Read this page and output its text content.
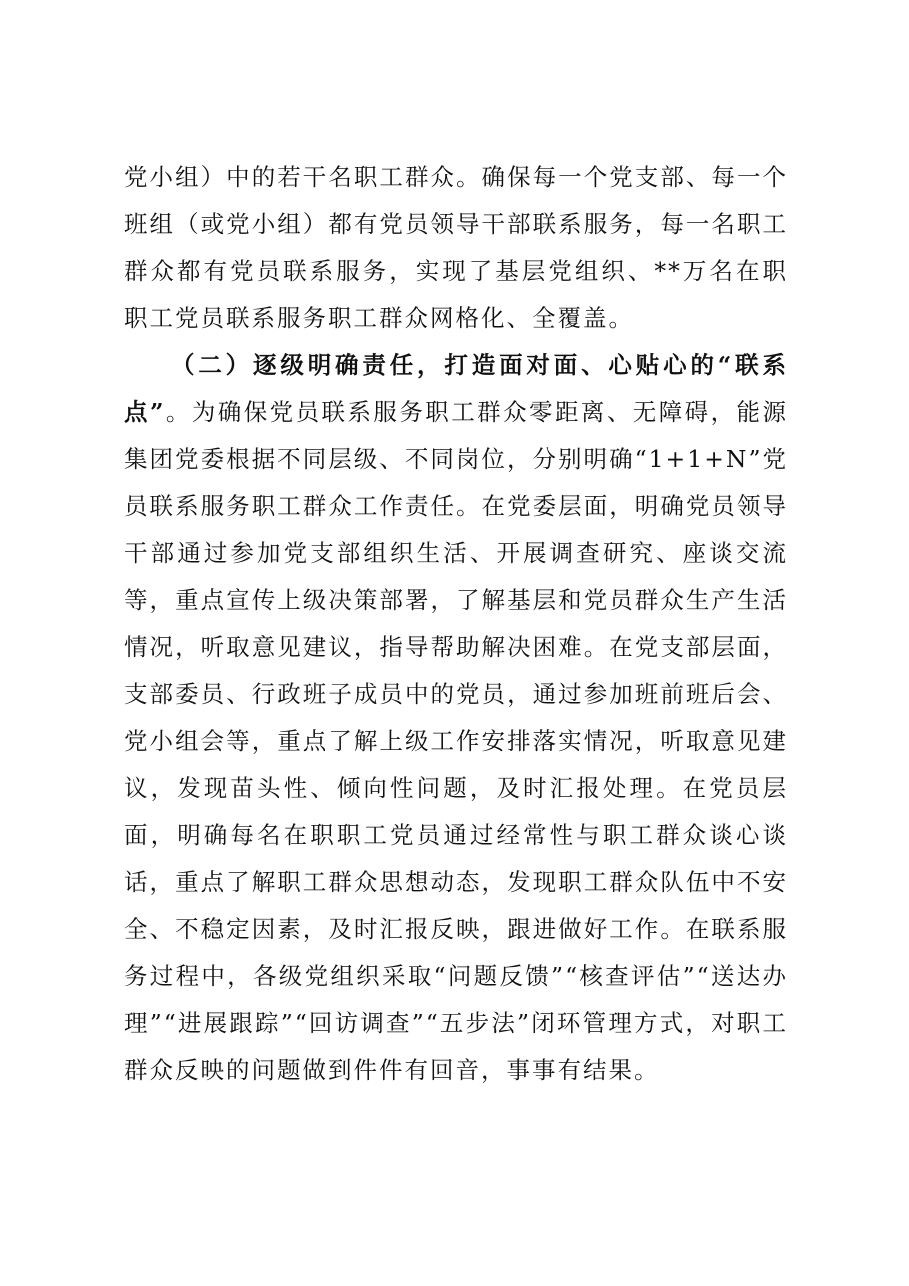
党小组）中的若干名职工群众。确保每一个党支部、每一个班组（或党小组）都有党员领导干部联系服务，每一名职工群众都有党员联系服务，实现了基层党组织、**万名在职职工党员联系服务职工群众网格化、全覆盖。

（二）逐级明确责任，打造面对面、心贴心的“联系点”。为确保党员联系服务职工群众零距离、无障碍，能源集团党委根据不同层级、不同岗位，分别明确“1+1+N”党员联系服务职工群众工作责任。在党委层面，明确党员领导干部通过参加党支部组织生活、开展调查研究、座谈交流等，重点宣传上级决策部署，了解基层和党员群众生产生活情况，听取意见建议，指导帮助解决困难。在党支部层面，支部委员、行政班子成员中的党员，通过参加班前班后会、党小组会等，重点了解上级工作安排落实情况，听取意见建议，发现苗头性、倾向性问题，及时汇报处理。在党员层面，明确每名在职职工党员通过经常性与职工群众谈心谈话，重点了解职工群众思想动态，发现职工群众队伍中不安全、不稳定因素，及时汇报反映，跟进做好工作。在联系服务过程中，各级党组织采取“问题反馈”“核查评估”“送达办理”“进展跟踪”“回访调查”“五步法”闭环管理方式，对职工群众反映的问题做到件件有回音，事事有结果。
